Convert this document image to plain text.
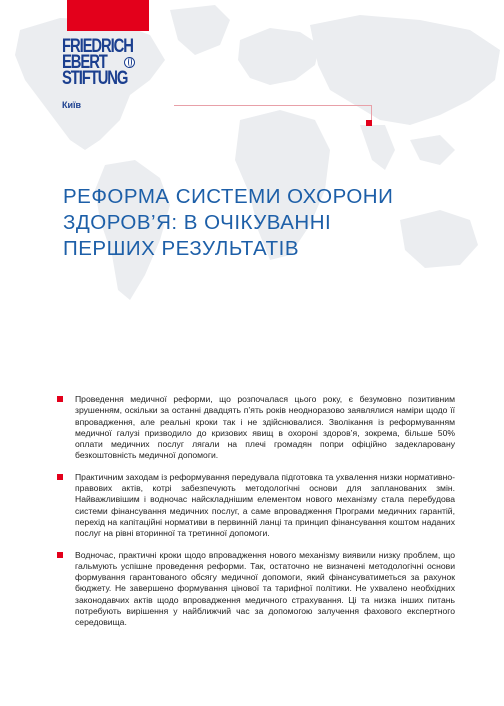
FRIEDRICH
EBERT
STIFTUNG
Київ
РЕФОРМА СИСТЕМИ ОХОРОНИ
ЗДОРОВ’Я: В ОЧІКУВАННІ
ПЕРШИХ РЕЗУЛЬТАТІВ

Проведення медичної реформи, що розпочалася цього року, є безумовно позитивним зрушенням, оскільки за останні двадцять п’ять років неодноразово заявлялися наміри щодо її впровадження, але реальні кроки так і не здійснювалися. Зволікання із реформуванням медичної галузі призводило до кризових явищ в охороні здоров’я, зокрема, більше 50% оплати медичних послуг лягали на плечі громадян попри офіційно задекларовану безкоштовність медичної допомоги.

Практичним заходам із реформування передувала підготовка та ухвалення низки нормативно-правових актів, котрі забезпечують методологічні основи для запланованих змін. Найважливішим і водночас найскладнішим елементом нового механізму стала перебудова системи фінансування медичних послуг, а саме впровадження Програми медичних гарантій, перехід на капітаційні нормативи в первинній ланці та принцип фінансування коштом наданих послуг на рівні вторинної та третинної допомоги.

Водночас, практичні кроки щодо впровадження нового механізму виявили низку проблем, що гальмують успішне проведення реформи. Так, остаточно не визначені методологічні основи формування гарантованого обсягу медичної допомоги, який фінансуватиметься за рахунок бюджету. Не завершено формування цінової та тарифної політики. Не ухвалено необхідних законодавчих актів щодо впровадження медичного страхування. Ці та низка інших питань потребують вирішення у найближчий час за допомогою залучення фахового експертного середовища.
